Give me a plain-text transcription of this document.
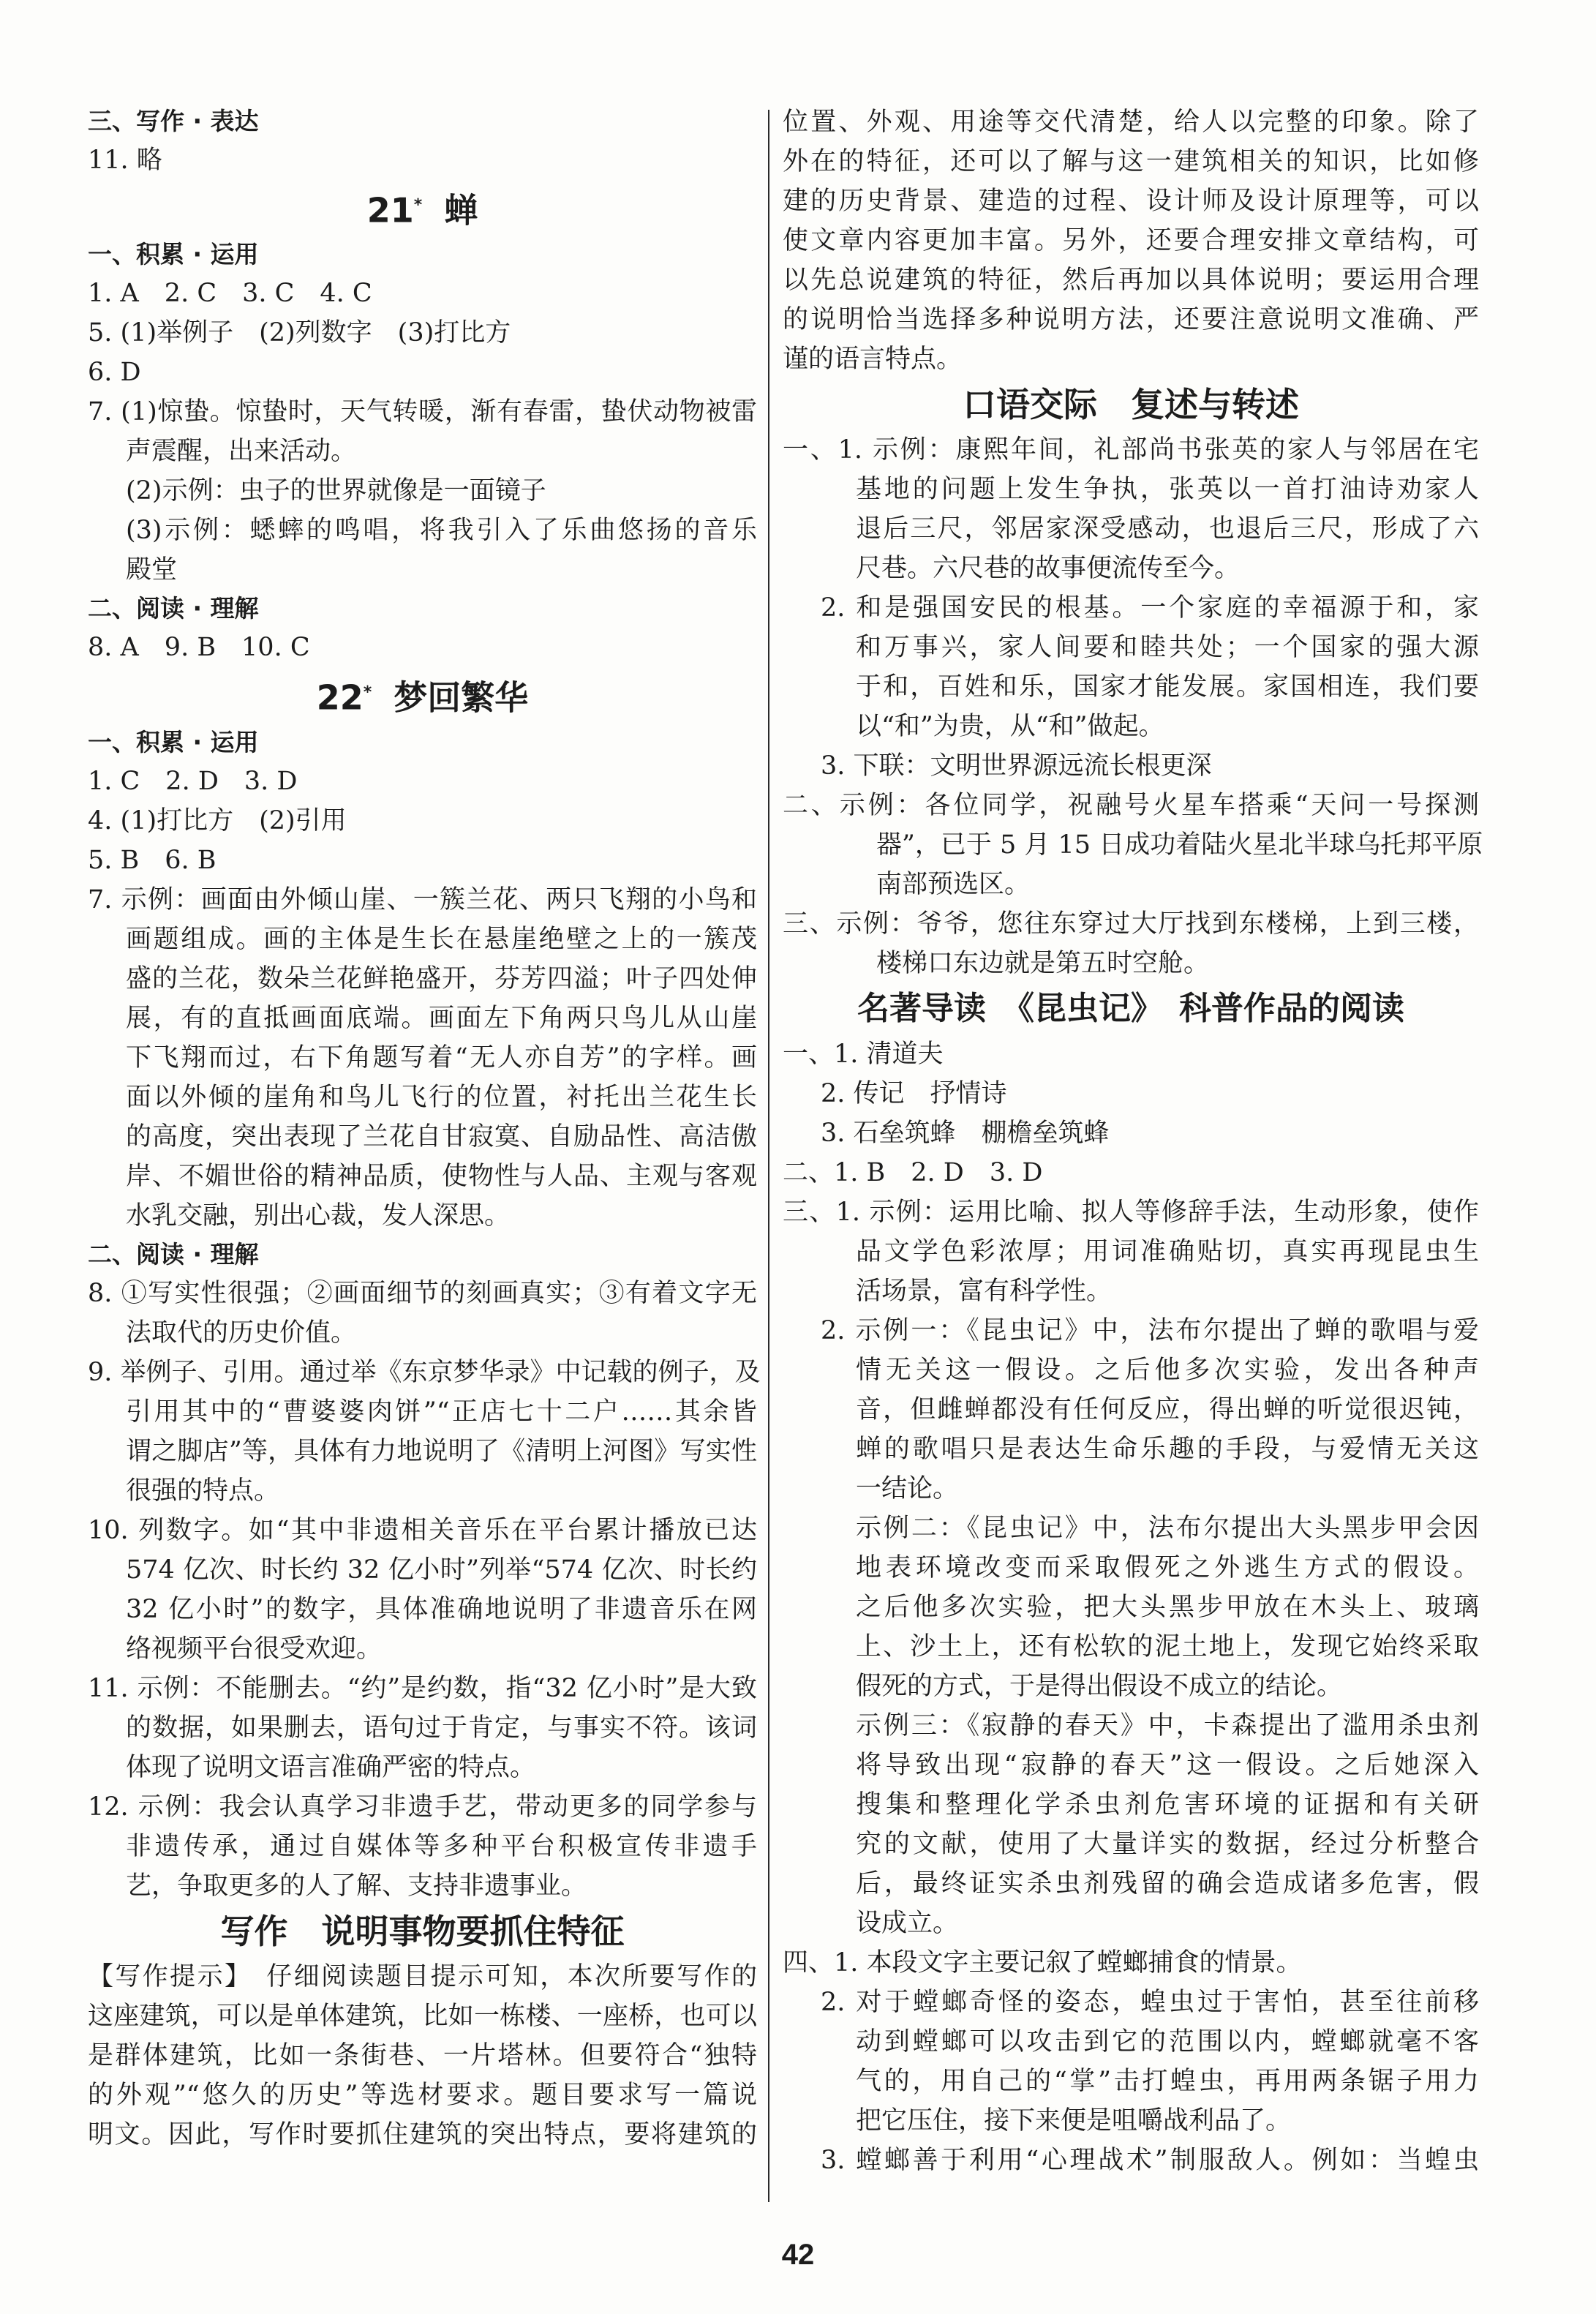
三、写作 · 表达
11. 略
21* 蝉
一、积累 · 运用
1. A　2. C　3. C　4. C
5. (1)举例子　(2)列数字　(3)打比方
6. D
7. (1)惊蛰。惊蛰时，天气转暖，渐有春雷，蛰伏动物被雷
声震醒，出来活动。
(2)示例：虫子的世界就像是一面镜子
(3)示例：蟋蟀的鸣唱，将我引入了乐曲悠扬的音乐
殿堂
二、阅读 · 理解
8. A　9. B　10. C
22* 梦回繁华
一、积累 · 运用
1. C　2. D　3. D
4. (1)打比方　(2)引用
5. B　6. B
7. 示例：画面由外倾山崖、一簇兰花、两只飞翔的小鸟和
画题组成。画的主体是生长在悬崖绝壁之上的一簇茂
盛的兰花，数朵兰花鲜艳盛开，芬芳四溢；叶子四处伸
展，有的直抵画面底端。画面左下角两只鸟儿从山崖
下飞翔而过，右下角题写着“无人亦自芳”的字样。画
面以外倾的崖角和鸟儿飞行的位置，衬托出兰花生长
的高度，突出表现了兰花自甘寂寞、自励品性、高洁傲
岸、不媚世俗的精神品质，使物性与人品、主观与客观
水乳交融，别出心裁，发人深思。
二、阅读 · 理解
8. ①写实性很强；②画面细节的刻画真实；③有着文字无
法取代的历史价值。
9. 举例子、引用。通过举《东京梦华录》中记载的例子，及
引用其中的“曹婆婆肉饼”“正店七十二户……其余皆
谓之脚店”等，具体有力地说明了《清明上河图》写实性
很强的特点。
10. 列数字。如“其中非遗相关音乐在平台累计播放已达
574 亿次、时长约 32 亿小时”列举“574 亿次、时长约
32 亿小时”的数字，具体准确地说明了非遗音乐在网
络视频平台很受欢迎。
11. 示例：不能删去。“约”是约数，指“32 亿小时”是大致
的数据，如果删去，语句过于肯定，与事实不符。该词
体现了说明文语言准确严密的特点。
12. 示例：我会认真学习非遗手艺，带动更多的同学参与
非遗传承，通过自媒体等多种平台积极宣传非遗手
艺，争取更多的人了解、支持非遗事业。
写作　说明事物要抓住特征
【写作提示】　仔细阅读题目提示可知，本次所要写作的
这座建筑，可以是单体建筑，比如一栋楼、一座桥，也可以
是群体建筑，比如一条街巷、一片塔林。但要符合“独特
的外观”“悠久的历史”等选材要求。题目要求写一篇说
明文。因此，写作时要抓住建筑的突出特点，要将建筑的
位置、外观、用途等交代清楚，给人以完整的印象。除了
外在的特征，还可以了解与这一建筑相关的知识，比如修
建的历史背景、建造的过程、设计师及设计原理等，可以
使文章内容更加丰富。另外，还要合理安排文章结构，可
以先总说建筑的特征，然后再加以具体说明；要运用合理
的说明恰当选择多种说明方法，还要注意说明文准确、严
谨的语言特点。
口语交际　复述与转述
一、1. 示例：康熙年间，礼部尚书张英的家人与邻居在宅
基地的问题上发生争执，张英以一首打油诗劝家人
退后三尺，邻居家深受感动，也退后三尺，形成了六
尺巷。六尺巷的故事便流传至今。
2. 和是强国安民的根基。一个家庭的幸福源于和，家
和万事兴，家人间要和睦共处；一个国家的强大源
于和，百姓和乐，国家才能发展。家国相连，我们要
以“和”为贵，从“和”做起。
3. 下联：文明世界源远流长根更深
二、示例：各位同学，祝融号火星车搭乘“天问一号探测
器”，已于 5 月 15 日成功着陆火星北半球乌托邦平原
南部预选区。
三、示例：爷爷，您往东穿过大厅找到东楼梯，上到三楼，
楼梯口东边就是第五时空舱。
名著导读　《昆虫记》　科普作品的阅读
一、1. 清道夫
2. 传记　抒情诗
3. 石垒筑蜂　棚檐垒筑蜂
二、1. B　2. D　3. D
三、1. 示例：运用比喻、拟人等修辞手法，生动形象，使作
品文学色彩浓厚；用词准确贴切，真实再现昆虫生
活场景，富有科学性。
2. 示例一：《昆虫记》中，法布尔提出了蝉的歌唱与爱
情无关这一假设。之后他多次实验，发出各种声
音，但雌蝉都没有任何反应，得出蝉的听觉很迟钝，
蝉的歌唱只是表达生命乐趣的手段，与爱情无关这
一结论。
示例二：《昆虫记》中，法布尔提出大头黑步甲会因
地表环境改变而采取假死之外逃生方式的假设。
之后他多次实验，把大头黑步甲放在木头上、玻璃
上、沙土上，还有松软的泥土地上，发现它始终采取
假死的方式，于是得出假设不成立的结论。
示例三：《寂静的春天》中，卡森提出了滥用杀虫剂
将导致出现“寂静的春天”这一假设。之后她深入
搜集和整理化学杀虫剂危害环境的证据和有关研
究的文献，使用了大量详实的数据，经过分析整合
后，最终证实杀虫剂残留的确会造成诸多危害，假
设成立。
四、1. 本段文字主要记叙了螳螂捕食的情景。
2. 对于螳螂奇怪的姿态，蝗虫过于害怕，甚至往前移
动到螳螂可以攻击到它的范围以内，螳螂就毫不客
气的，用自己的“掌”击打蝗虫，再用两条锯子用力
把它压住，接下来便是咀嚼战利品了。
3. 螳螂善于利用“心理战术”制服敌人。例如：当蝗虫
42
